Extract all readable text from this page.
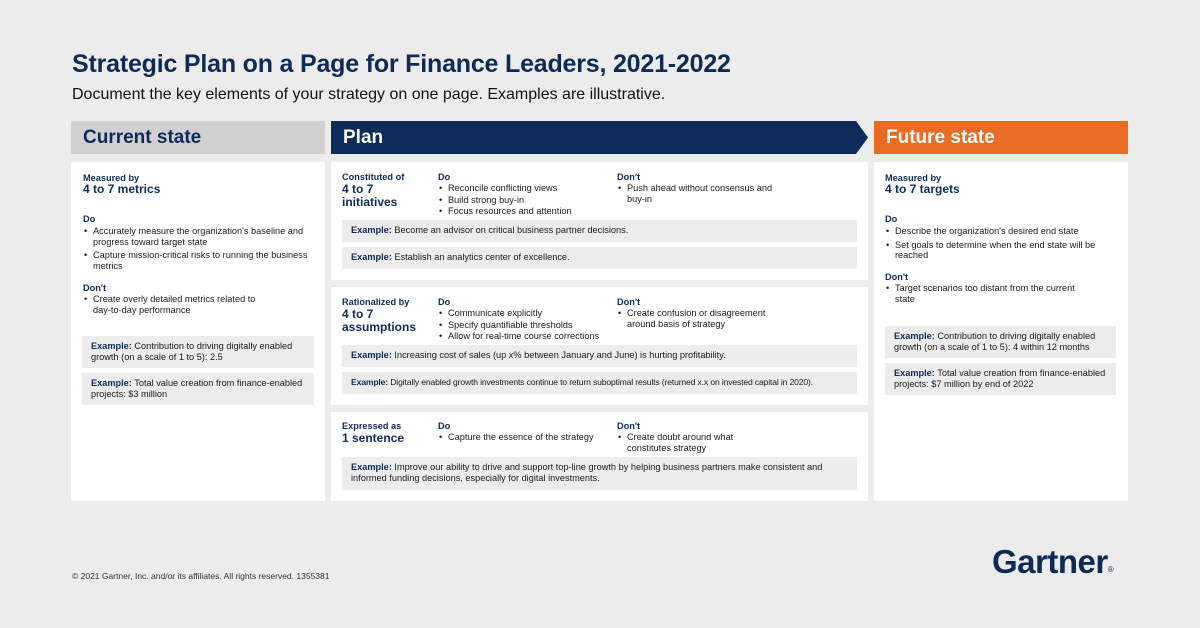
Strategic Plan on a Page for Finance Leaders, 2021-2022
Document the key elements of your strategy on one page. Examples are illustrative.
Current state	Plan	Future state
Measured by
4 to 7 metrics
Do
• Accurately measure the organization's baseline and progress toward target state
• Capture mission-critical risks to running the business metrics
Don't
• Create overly detailed metrics related to day-to-day performance
Example: Contribution to driving digitally enabled growth (on a scale of 1 to 5): 2.5
Example: Total value creation from finance-enabled projects: $3 million
Constituted of
4 to 7 initiatives
Do
• Reconcile conflicting views
• Build strong buy-in
• Focus resources and attention
Don't
• Push ahead without consensus and buy-in
Example: Become an advisor on critical business partner decisions.
Example: Establish an analytics center of excellence.
Rationalized by
4 to 7 assumptions
Do
• Communicate explicitly
• Specify quantifiable thresholds
• Allow for real-time course corrections
Don't
• Create confusion or disagreement around basis of strategy
Example: Increasing cost of sales (up x% between January and June) is hurting profitability.
Example: Digitally enabled growth investments continue to return suboptimal results (returned x.x on invested capital in 2020).
Expressed as
1 sentence
Do
• Capture the essence of the strategy
Don't
• Create doubt around what constitutes strategy
Example: Improve our ability to drive and support top-line growth by helping business partners make consistent and informed funding decisions, especially for digital investments.
Measured by
4 to 7 targets
Do
• Describe the organization's desired end state
• Set goals to determine when the end state will be reached
Don't
• Target scenarios too distant from the current state
Example: Contribution to driving digitally enabled growth (on a scale of 1 to 5): 4 within 12 months
Example: Total value creation from finance-enabled projects: $7 million by end of 2022
© 2021 Gartner, Inc. and/or its affiliates. All rights reserved. 1355381	Gartner®
